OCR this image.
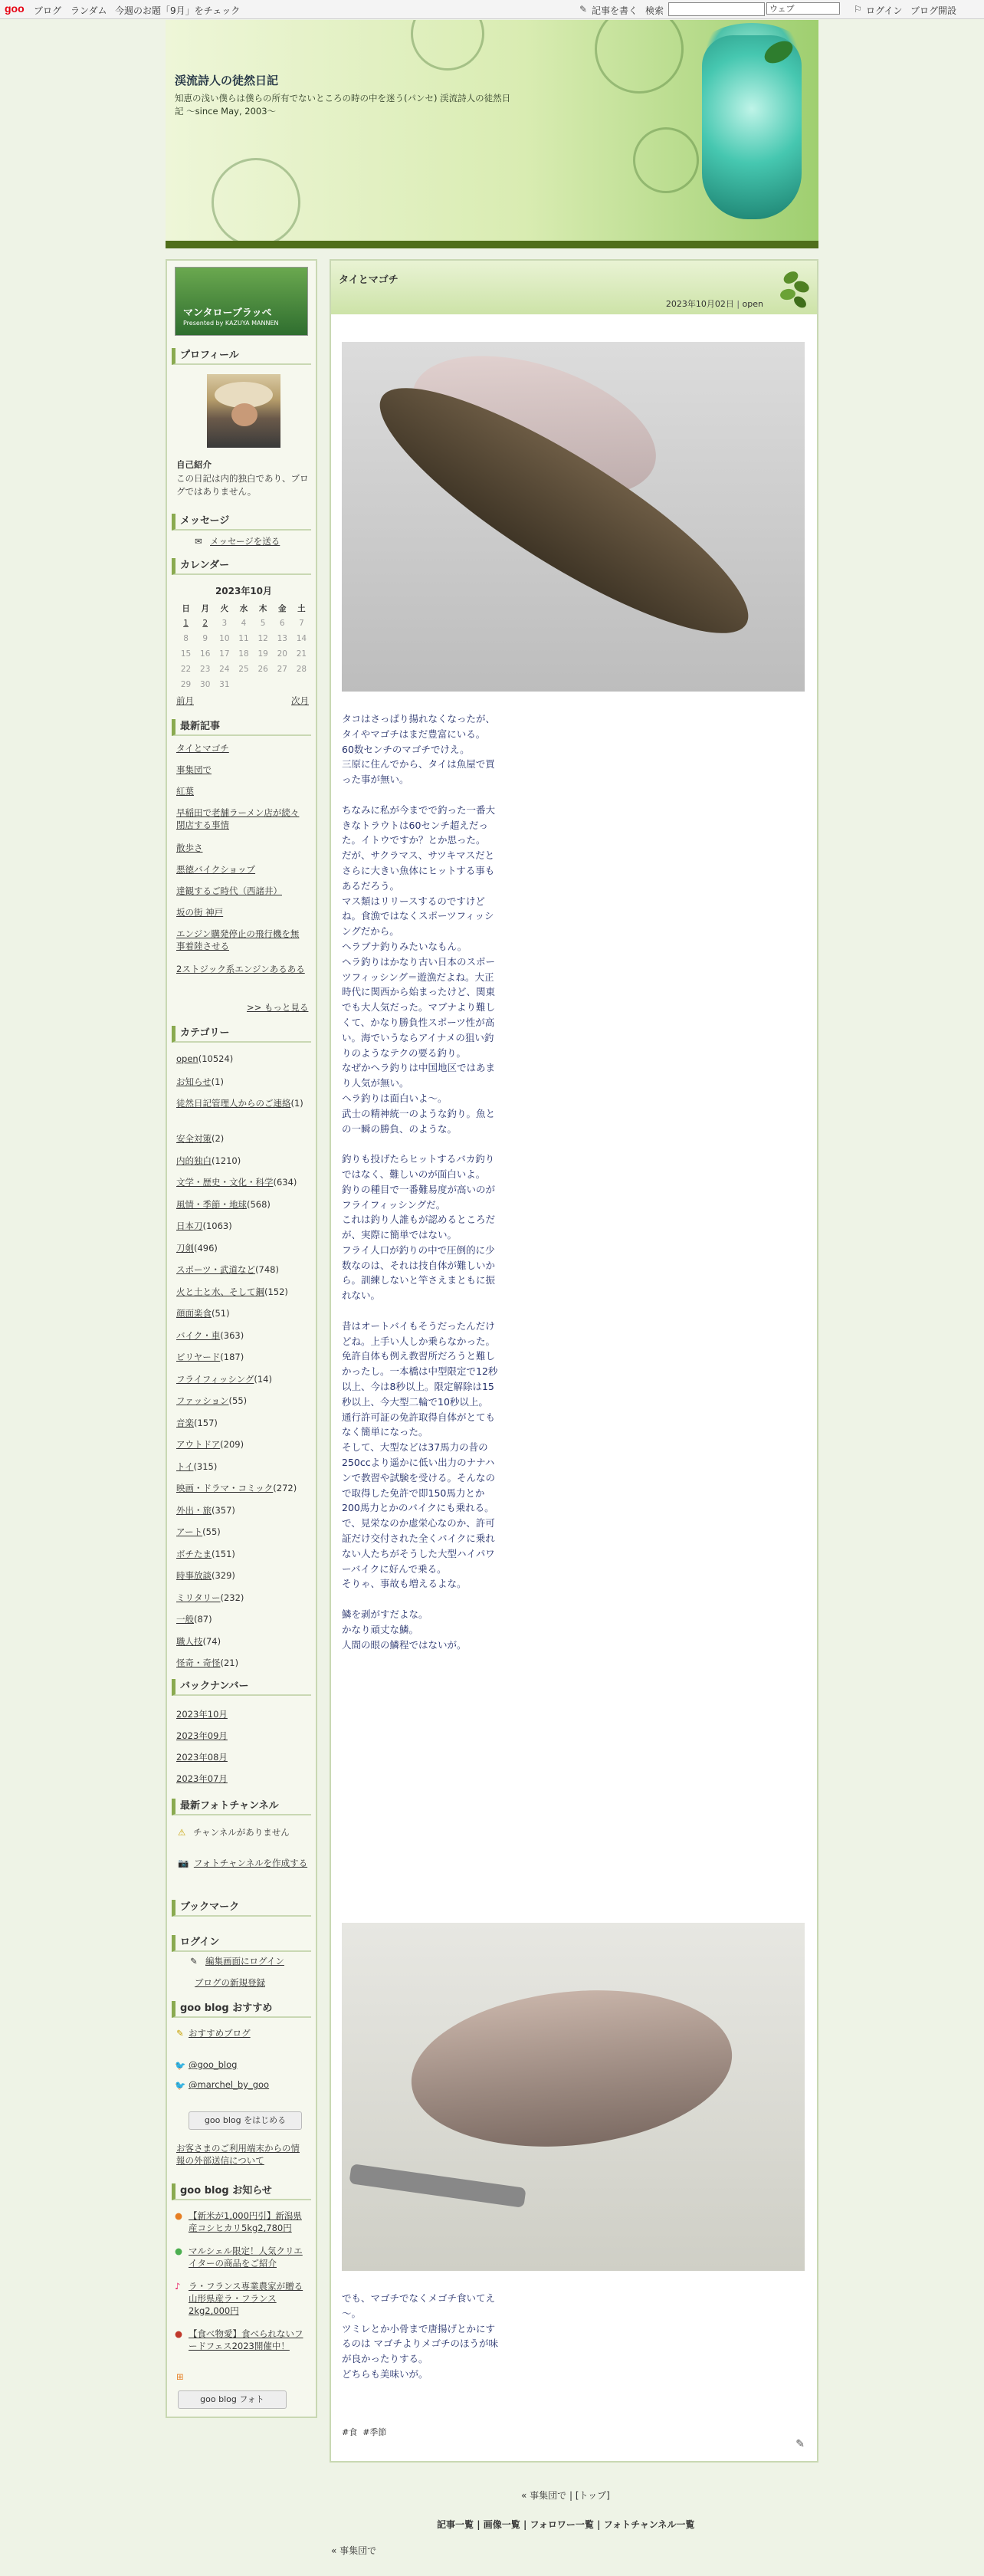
goo ブログ ランダム 今週のお題「9月」をチェック	✎ 記事を書く 検索	ウェブ	⚐ ログイン ブログ開設
渓流詩人の徒然日記
知恵の浅い僕らは僕らの所有でないところの時の中を迷う(パンセ) 渓流詩人の徒然日記 ～since May, 2003～
マンタローブラッペ
Presented by KAZUYA MANNEN
プロフィール
自己紹介
この日記は内的独白であり、ブログではありません。
メッセージ
✉ メッセージを送る
カレンダー
2023年10月
日	月	火	水	木	金	土
1	2	3	4	5	6	7
8	9	10	11	12	13	14
15	16	17	18	19	20	21
22	23	24	25	26	27	28
29	30	31				
前月	次月
最新記事
タイとマゴチ
事集団で
紅葉
早稲田で老舗ラーメン店が続々閉店する事情
散歩さ
悪徳バイクショップ
達観するご時代（西諸井）
坂の街 神戸
エンジン購発停止の飛行機を無事着陸させる
2ストジック系エンジンあるある
>> もっと見る
カテゴリー
open(10524)
お知らせ(1)
徒然日記管理人からのご連絡(1)
安全対策(2)
内的独白(1210)
文学・歴史・文化・科学(634)
風情・季節・地球(568)
日本刀(1063)
刀剣(496)
スポーツ・武道など(748)
火と土と水、そして鋼(152)
顔面楽食(51)
バイク・車(363)
ビリヤード(187)
フライフィッシング(14)
ファッション(55)
音楽(157)
アウトドア(209)
トイ(315)
映画・ドラマ・コミック(272)
外出・旅(357)
アート(55)
ボチたま(151)
時事放談(329)
ミリタリー(232)
一般(87)
職人技(74)
怪奇・奇怪(21)
バックナンバー
2023年10月
2023年09月
2023年08月
2023年07月
最新フォトチャンネル
⚠ チャンネルがありません
📷 フォトチャンネルを作成する
ブックマーク
ログイン
✎ 編集画面にログイン
ブログの新規登録
goo blog おすすめ
✎ おすすめブログ
🐦 @goo_blog
🐦 @marchel_by_goo
goo blog をはじめる
お客さまのご利用端末からの情報の外部送信について
goo blog お知らせ
● 【新米が1,000円引】新潟県産コシヒカリ5kg2,780円
● マルシェル限定！人気クリエイターの商品をご紹介
♪ ラ・フランス専業農家が贈る山形県産ラ・フランス2kg2,000円
● 【食べ物愛】食べられないフードフェス2023開催中！
⊞
goo blog フォト
タイとマゴチ
2023年10月02日 | open
タコはさっぱり揚れなくなったが、タイやマゴチはまだ豊富にいる。
60数センチのマゴチでけえ。
三原に住んでから、タイは魚屋で買った事が無い。

ちなみに私が今までで釣った一番大きなトラウトは60センチ超えだった。イトウですか？とか思った。
だが、サクラマス、サツキマスだとさらに大きい魚体にヒットする事もあるだろう。
マス類はリリースするのですけどね。食漁ではなくスポーツフィッシングだから。
ヘラブナ釣りみたいなもん。
ヘラ釣りはかなり古い日本のスポーツフィッシング＝遊漁だよね。大正時代に関西から始まったけど、関東でも大人気だった。マブナより難しくて、かなり勝負性スポーツ性が高い。海でいうならアイナメの狙い釣りのようなテクの要る釣り。
なぜかヘラ釣りは中国地区ではあまり人気が無い。
ヘラ釣りは面白いよ～。
武士の精神統一のような釣り。魚との一瞬の勝負、のような。

釣りも投げたらヒットするバカ釣りではなく、難しいのが面白いよ。
釣りの種目で一番難易度が高いのがフライフィッシングだ。
これは釣り人誰もが認めるところだが、実際に簡単ではない。
フライ人口が釣りの中で圧倒的に少数なのは、それは技自体が難しいから。訓練しないと竿さえまともに振れない。

昔はオートバイもそうだったんだけどね。上手い人しか乗らなかった。免許自体も例え教習所だろうと難しかったし。一本橋は中型限定で12秒以上、今は8秒以上。限定解除は15秒以上、今大型二輪で10秒以上。
通行許可証の免許取得自体がとてもなく簡単になった。
そして、大型などは37馬力の昔の250ccより遥かに低い出力のナナハンで教習や試験を受ける。そんなので取得した免許で即150馬力とか200馬力とかのバイクにも乗れる。
で、見栄なのか虚栄心なのか、許可証だけ交付された全くバイクに乗れない人たちがそうした大型ハイパワーバイクに好んで乗る。
そりゃ、事故も増えるよな。

鱗を剥がすだよな。
かなり頑丈な鱗。
人間の眼の鱗程ではないが。
でも、マゴチでなくメゴチ食いてえ～。
ツミレとか小骨まで唐揚げとかにするのは マゴチよりメゴチのほうが味が良かったりする。
どちらも美味いが。
#食 #季節
✎
« 事集団で | [トップ]
記事一覧 | 画像一覧 | フォロワー一覧 | フォトチャンネル一覧
« 事集団で
